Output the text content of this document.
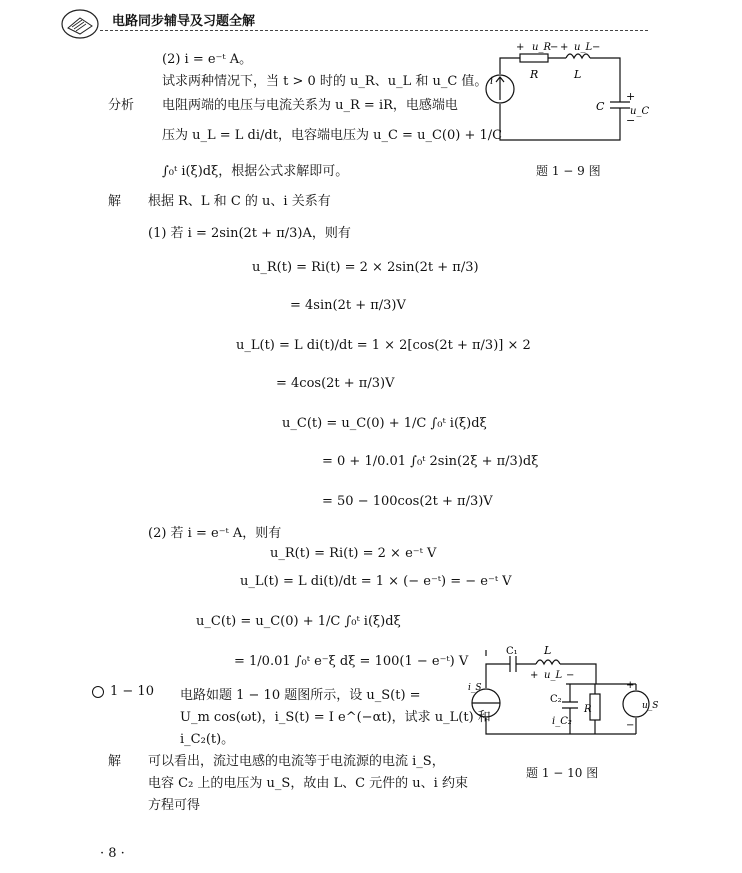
电路同步辅导及习题全解
(2) i = e⁻ᵗ A。
试求两种情况下，当 t > 0 时的 u_R、u_L 和 u_C 值。
分析 电阻两端的电压与电流关系为 u_R = iR，电感端电
压为 u_L = L di/dt，电容端电压为 u_C = u_C(0) + 1/C
∫₀ᵗ i(ξ)dξ，根据公式求解即可。
解 根据 R、L 和 C 的 u、i 关系有
(1) 若 i = 2sin(2t + π/3)A，则有
u_R(t) = Ri(t) = 2 × 2sin(2t + π/3)
= 4sin(2t + π/3)V
u_L(t) = L di(t)/dt = 1 × 2[cos(2t + π/3)] × 2
= 4cos(2t + π/3)V
u_C(t) = u_C(0) + 1/C ∫₀ᵗ i(ξ)dξ
= 0 + 1/0.01 ∫₀ᵗ 2sin(2ξ + π/3)dξ
= 50 − 100cos(2t + π/3)V
(2) 若 i = e⁻ᵗ A，则有
u_R(t) = Ri(t) = 2 × e⁻ᵗ V
u_L(t) = L di(t)/dt = 1 × (− e⁻ᵗ) = − e⁻ᵗ V
u_C(t) = u_C(0) + 1/C ∫₀ᵗ i(ξ)dξ
= 1/0.01 ∫₀ᵗ e⁻ξ dξ = 100(1 − e⁻ᵗ) V
1 − 10 电路如题 1 − 10 题图所示，设 u_S(t) =
U_m cos(ωt)，i_S(t) = I e^(−αt)，试求 u_L(t) 和
i_C₂(t)。
解 可以看出，流过电感的电流等于电流源的电流 i_S，
电容 C₂ 上的电压为 u_S，故由 L、C 元件的 u、i 约束
方程可得
u_R
+	− u_L
+ −
R	L
C
+
−
u_C
i
题 1 − 9 图
C₁ L
+ u_L −
C₂
i_C₂
R
+
−
u_S
i_S
题 1 − 10 图
· 8 ·
